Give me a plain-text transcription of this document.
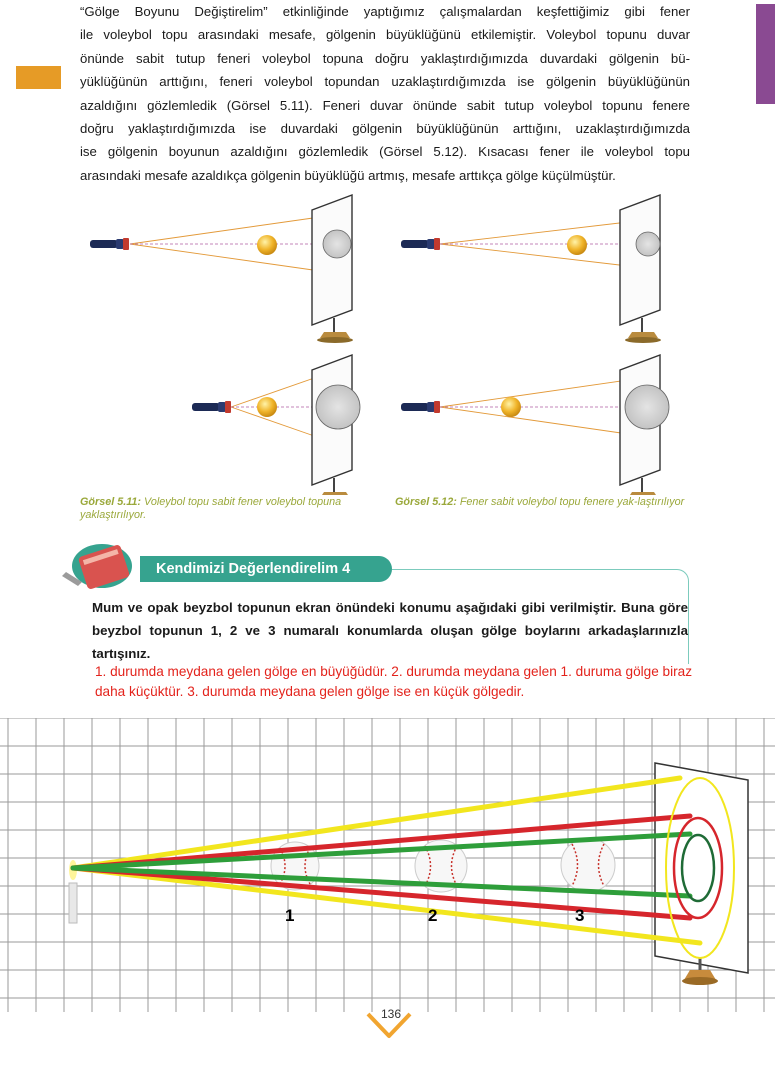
“Gölge Boyunu Değiştirelim” etkinliğinde yaptığımız çalışmalardan keşfettiğimiz gibi fener
ile voleybol topu arasındaki mesafe, gölgenin büyüklüğünü etkilemiştir. Voleybol topunu duvar
önünde sabit tutup feneri voleybol topuna doğru yaklaştırdığımızda duvardaki gölgenin bü-
yüklüğünün arttığını, feneri voleybol topundan uzaklaştırdığımızda ise gölgenin büyüklüğünün
azaldığını gözlemledik (Görsel 5.11). Feneri duvar önünde sabit tutup voleybol topunu fenere
doğru yaklaştırdığımızda ise duvardaki gölgenin büyüklüğünün arttığını, uzaklaştırdığımızda
ise gölgenin boyunun azaldığını gözlemledik (Görsel 5.12). Kısacası fener ile voleybol topu
arasındaki mesafe azaldıkça gölgenin büyüklüğü artmış, mesafe arttıkça gölge küçülmüştür.
Görsel 5.11: Voleybol topu sabit fener voleybol topuna yaklaştırılıyor.
Görsel 5.12: Fener sabit voleybol topu fenere yak-laştırılıyor
Kendimizi Değerlendirelim 4
Mum ve opak beyzbol topunun ekran önündeki konumu aşağıdaki gibi verilmiştir. Buna göre beyzbol topunun 1, 2 ve 3 numaralı konumlarda oluşan gölge boylarını arkadaşlarınızla tartışınız.
1. durumda meydana gelen gölge en büyüğüdür. 2. durumda meydana gelen 1. duruma gölge biraz daha küçüktür. 3. durumda meydana gelen gölge ise en küçük gölgedir.
1	2	3
136
